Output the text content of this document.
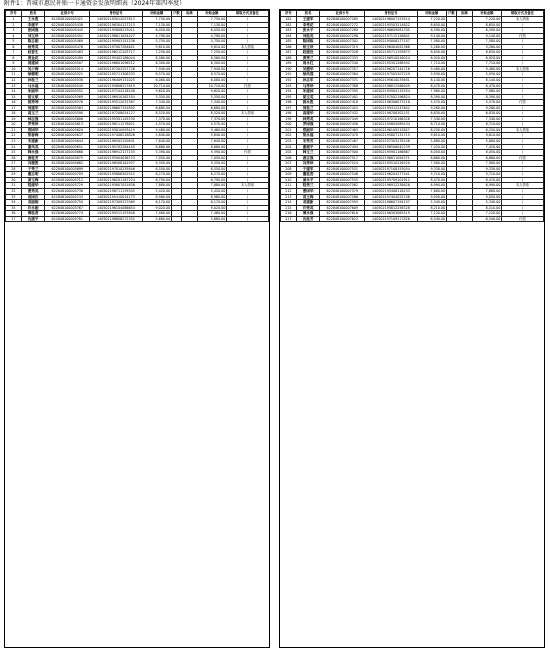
附件1：晋城市惠民补贴一卡通资金发放明细表（2024年第四季度）
序号	姓名	社保卡号	身份证号	补贴金额	户数	标准	补贴金额	领取方式及备注
1	王永胜	622848100005421	140502195012037813	7,750.00			7,750.00	/
2	李建平	622848100005438	140502196304127215	7,130.00			7,130.00	/
3	张国强	622848100005445	140502195808233011	6,050.00			6,050.00	/
4	刘玉珍	622848100005452	140502196611054427	4,790.00			4,790.00	/
5	陈志刚	622848100005469	140502195903151236	5,750.00			5,750.00	/
6	杨秀英	622848100005476	140502197007284621	9,810.00			9,810.00	本人领取
7	赵春生	622848100005483	140502196212103717	7,250.00			7,250.00	/
8	黄金花	622848100005490	140502195405186044	8,560.00			8,560.00	/
9	周建国	622848100005507	140502196801096512	6,300.00			6,300.00	/
10	吴小梅	622848100005514	140502197302257726	7,940.00			7,940.00	/
11	徐德明	622848100005521	140502195711308333	8,570.00			8,570.00	/
12	孙桂兰	622848100005538	140502196409151025	6,080.00			6,080.00	/
13	马永福	622848100005545	140502195606227619	10,710.00			10,710.00	代领
14	朱丽华	622848100005552	140502197104118248	9,620.00			9,620.00	/
15	胡文斌	622848100005569	140502196910262554	5,350.00			5,350.00	/
16	郭秀琴	622848100005576	140502195512037367	7,340.00			7,340.00	/
17	何建军	622848100005583	140502196607191892	6,680.00			6,680.00	/
18	高玉兰	622848100005590	140502197208054127	8,520.00			8,520.00	本人领取
19	林志强	622848100005606	140502195301145530	7,370.00			7,370.00	/
20	罗秀珍	622848100005613	140502196111276821	4,570.00			4,570.00	/
21	郑国华	622848100005620	140502195810093419	9,460.00			9,460.00	/
22	梁春梅	622848100005637	140502197406218826	5,840.00			5,840.00	/
23	宋建新	622848100005644	140502196303150631	7,640.00			7,640.00	/
24	谢凤英	622848100005651	140502195702284445	8,680.00			8,680.00	/
25	韩永强	622848100005668	140502196912117155	5,390.00			5,390.00	代领
26	唐桂芳	622848100005675	140502195904036723	7,050.00			7,050.00	/
27	冯德胜	622848100005682	140502196508161937	9,350.00			9,350.00	/
28	于秀兰	622848100005699	140502197010235846	6,550.00			6,550.00	/
29	董志明	622848100005705	140502195606302515	8,270.00			8,270.00	/
30	萧玉梅	622848100005712	140502196201187224	6,790.00			6,790.00	/
31	程建华	622848100005729	140502195807051638	7,880.00			7,880.00	本人领取
32	曹秀英	622848100005736	140502196711139345	5,420.00			5,420.00	/
33	袁国庆	622848100005743	140502195410014173	8,960.00			8,960.00	/
34	邓丽娟	622848100005750	140502197309227069	6,170.00			6,170.00	/
35	许永刚	622848100005767	140502196104086654	9,020.00			9,020.00	/
36	傅桂香	622848100005774	140502195512197848	7,460.00			7,460.00	/
37	沈建平	622848100005781	140502196806272352	5,680.00			5,680.00	/
序号	姓名	社保卡号	身份证号	补贴金额	户数	标准	补贴金额	领取方式及备注
181	王建军	622848100007265	140502196007153514	7,220.00			7,220.00	本人领取
182	李秀花	622848100007272	140502195503214822	8,650.00			8,650.00	/
183	张永平	622848100007289	140502196609081335	6,390.00			6,390.00	/
184	刘桂英	622848100007296	140502197112126641	9,140.00			9,140.00	代领
185	陈国栋	622848100007302	140502195808277157	7,580.00			7,580.00	/
186	杨玉珍	622848100007319	140502196404052366	5,260.00			5,260.00	/
187	赵建设	622848100007326	140502195711193873	8,830.00			8,830.00	/
188	黄秀兰	622848100007333	140502196910016024	6,920.00			6,920.00	/
189	周永红	622848100007340	140502195301288592	7,710.00			7,710.00	/
190	吴德华	622848100007357	140502196207144716	9,480.00			9,480.00	本人领取
191	徐凤莲	622848100007364	140502197505207229	5,930.00			5,930.00	/
192	孙志军	622848100007371	140502195610033631	8,140.00			8,140.00	/
193	马秀珍	622848100007388	140502196812268049	6,470.00			6,470.00	/
194	朱建国	622848100007395	140502195904115554	7,960.00			7,960.00	/
195	胡玉英	622848100007401	140502197002196824	8,390.00			8,390.00	/
196	郭永胜	622848100007418	140502196306073118	5,570.00			5,570.00	代领
197	何桂兰	622848100007425	140502195412247642	9,260.00			9,260.00	/
198	高建华	622848100007432	140502196708302151	6,830.00			6,830.00	/
199	林秀英	622848100007449	140502197210166328	7,340.00			7,340.00	/
200	罗国强	622848100007456	140502195605089434	8,710.00			8,710.00	/
201	郑丽华	622848100007463	140502196109215827	6,250.00			6,250.00	本人领取
202	梁永福	622848100007470	140502195807131715	9,610.00			9,610.00	/
203	宋秀芳	622848100007487	140502197303278146	5,880.00			5,880.00	/
204	谢建平	622848100007494	140502196506042239	7,420.00			7,420.00	/
205	韩玉兰	622848100007500	140502195901186867	8,050.00			8,050.00	/
206	唐志强	622848100007517	140502196811094371	6,660.00			6,660.00	代领
207	冯秀珍	622848100007524	140502195510226520	7,900.00			7,900.00	/
208	于建军	622848100007531	140502197108153054	9,330.00			9,330.00	/
209	董桂香	622848100007548	140502196204277441	5,710.00			5,710.00	/
210	萧永平	622848100007555	140502195709101912	8,470.00			8,470.00	/
211	程秀兰	622848100007562	140502196912238626	6,990.00			6,990.00	本人领取
212	曹国华	622848100007579	140502195406116233	7,680.00			7,680.00	/
213	袁玉梅	622848100007586	140502197404025748	9,050.00			9,050.00	/
214	邓建新	622848100007593	140502196607194157	5,340.00			5,340.00	/
215	许秀英	622848100007609	140502195812258328	8,210.00			8,210.00	/
216	傅永强	622848100007616	140502196303063519	7,120.00			7,120.00	/
217	沈桂芳	622848100007623	140502197109217826	6,540.00			6,540.00	代领
